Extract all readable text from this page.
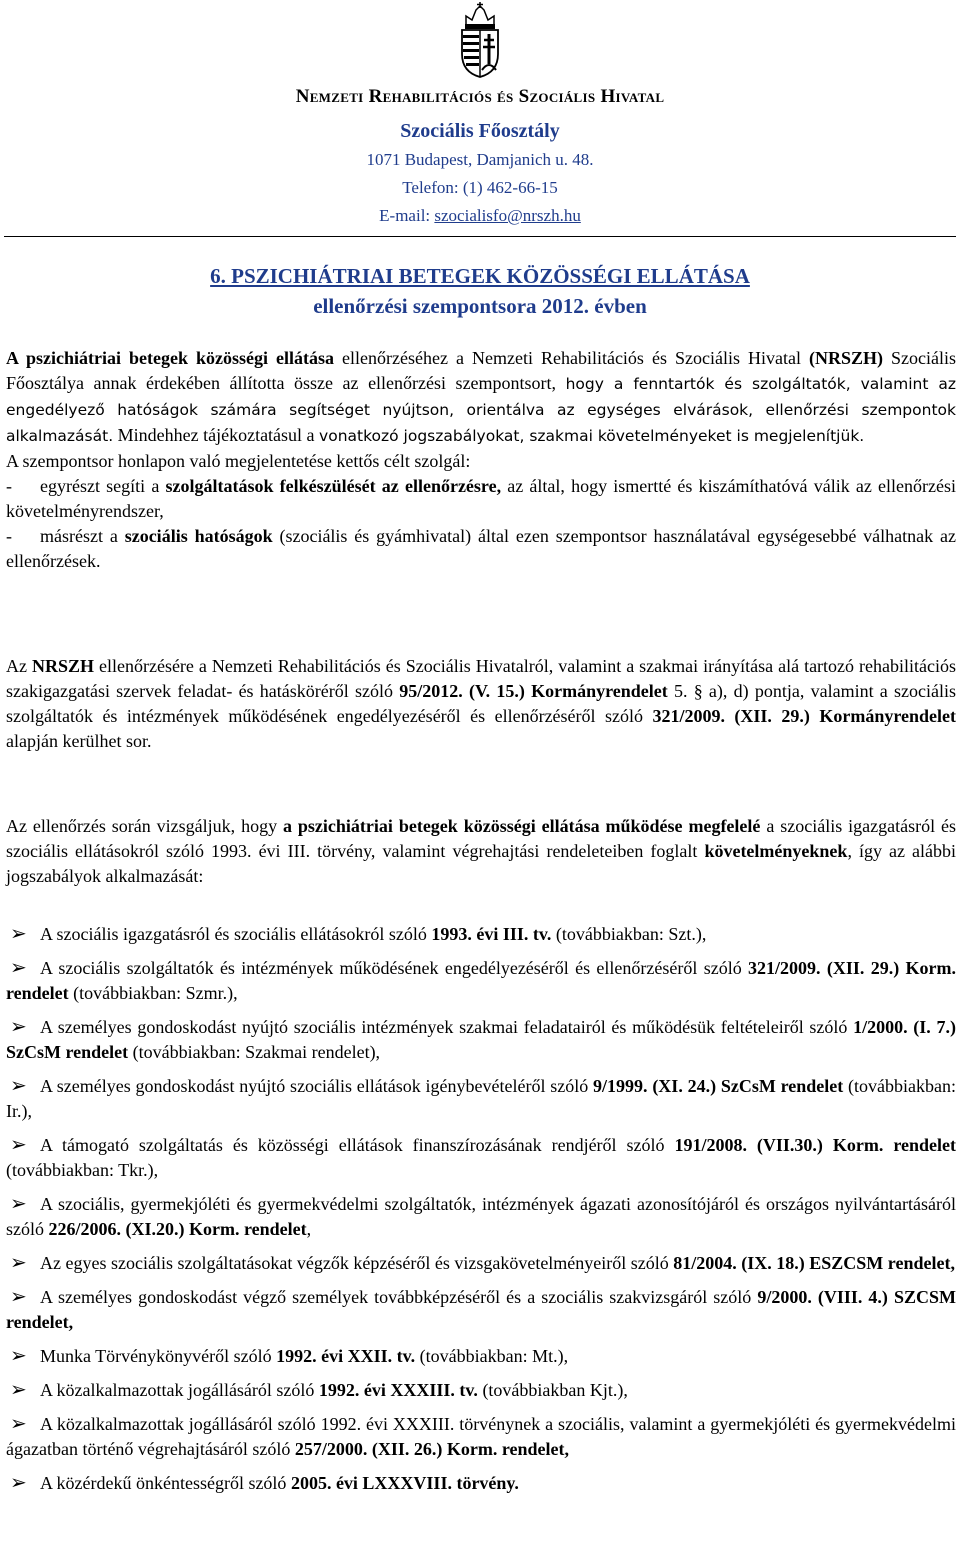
Nemzeti Rehabilitációs és Szociális Hivatal
Szociális Főosztály
1071 Budapest, Damjanich u. 48.
Telefon: (1) 462-66-15
E-mail: szocialisfo@nrszh.hu
6. PSZICHIÁTRIAI BETEGEK KÖZÖSSÉGI ELLÁTÁSA
ellenőrzési szempontsora 2012. évben
A pszichiátriai betegek közösségi ellátása ellenőrzéséhez a Nemzeti Rehabilitációs és Szociális Hivatal (NRSZH) Szociális Főosztálya annak érdekében állította össze az ellenőrzési szempontsort, hogy a fenntartók és szolgáltatók, valamint az engedélyező hatóságok számára segítséget nyújtson, orientálva az egységes elvárások, ellenőrzési szempontok alkalmazását. Mindehhez tájékoztatásul a vonatkozó jogszabályokat, szakmai követelményeket is megjelenítjük.
A szempontsor honlapon való megjelentetése kettős célt szolgál:
- egyrészt segíti a szolgáltatások felkészülését az ellenőrzésre, az által, hogy ismertté és kiszámíthatóvá válik az ellenőrzési követelményrendszer,
- másrészt a szociális hatóságok (szociális és gyámhivatal) által ezen szempontsor használatával egységesebbé válhatnak az ellenőrzések.
Az NRSZH ellenőrzésére a Nemzeti Rehabilitációs és Szociális Hivatalról, valamint a szakmai irányítása alá tartozó rehabilitációs szakigazgatási szervek feladat- és hatásköréről szóló 95/2012. (V. 15.) Kormányrendelet 5. § a), d) pontja, valamint a szociális szolgáltatók és intézmények működésének engedélyezéséről és ellenőrzéséről szóló 321/2009. (XII. 29.) Kormányrendelet alapján kerülhet sor.
Az ellenőrzés során vizsgáljuk, hogy a pszichiátriai betegek közösségi ellátása működése megfelelé a szociális igazgatásról és szociális ellátásokról szóló 1993. évi III. törvény, valamint végrehajtási rendeleteiben foglalt követelményeknek, így az alábbi jogszabályok alkalmazását:
➢ A szociális igazgatásról és szociális ellátásokról szóló 1993. évi III. tv. (továbbiakban: Szt.),
➢ A szociális szolgáltatók és intézmények működésének engedélyezéséről és ellenőrzéséről szóló 321/2009. (XII. 29.) Korm. rendelet (továbbiakban: Szmr.),
➢ A személyes gondoskodást nyújtó szociális intézmények szakmai feladatairól és működésük feltételeiről szóló 1/2000. (I. 7.) SzCsM rendelet (továbbiakban: Szakmai rendelet),
➢ A személyes gondoskodást nyújtó szociális ellátások igénybevételéről szóló 9/1999. (XI. 24.) SzCsM rendelet (továbbiakban: Ir.),
➢ A támogató szolgáltatás és közösségi ellátások finanszírozásának rendjéről szóló 191/2008. (VII.30.) Korm. rendelet (továbbiakban: Tkr.),
➢ A szociális, gyermekjóléti és gyermekvédelmi szolgáltatók, intézmények ágazati azonosítójáról és országos nyilvántartásáról szóló 226/2006. (XI.20.) Korm. rendelet,
➢ Az egyes szociális szolgáltatásokat végzők képzéséről és vizsgakövetelményeiről szóló 81/2004. (IX. 18.) ESZCSM rendelet,
➢ A személyes gondoskodást végző személyek továbbképzéséről és a szociális szakvizsgáról szóló 9/2000. (VIII. 4.) SZCSM rendelet,
➢ Munka Törvénykönyvéről szóló 1992. évi XXII. tv. (továbbiakban: Mt.),
➢ A közalkalmazottak jogállásáról szóló 1992. évi XXXIII. tv. (továbbiakban Kjt.),
➢ A közalkalmazottak jogállásáról szóló 1992. évi XXXIII. törvénynek a szociális, valamint a gyermekjóléti és gyermekvédelmi ágazatban történő végrehajtásáról szóló 257/2000. (XII. 26.) Korm. rendelet,
➢ A közérdekű önkéntességről szóló 2005. évi LXXXVIII. törvény.
